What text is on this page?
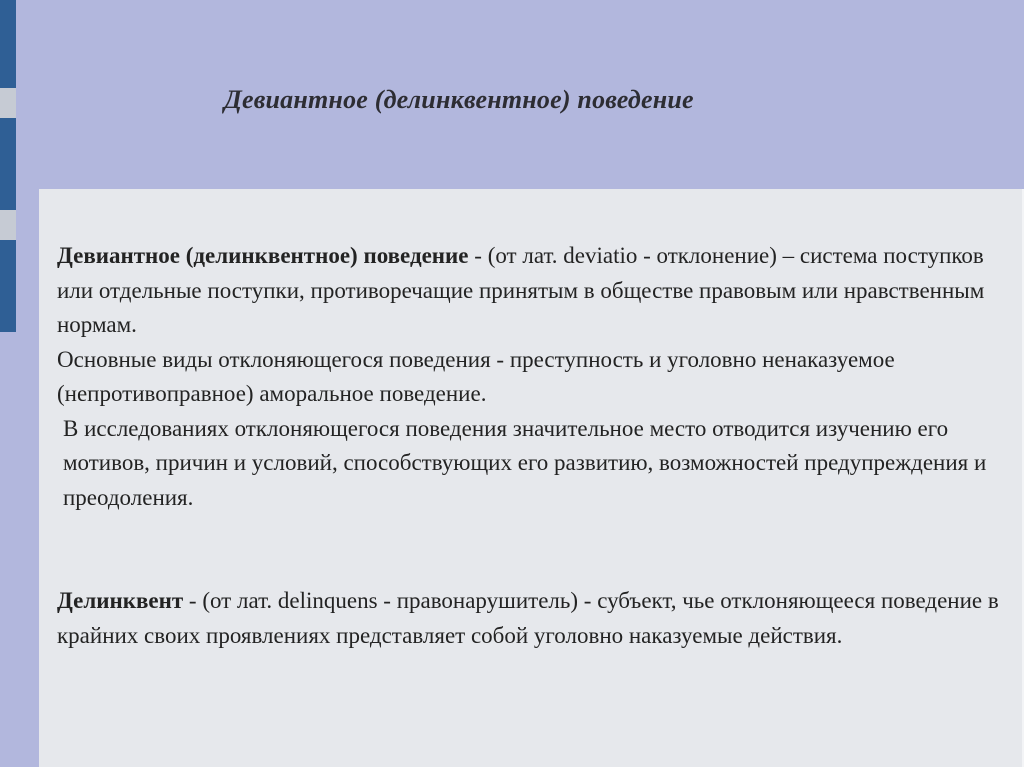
Девиантное (делинквентное) поведение

Девиантное (делинквентное) поведение - (от лат. deviatio - отклонение) – система поступков или отдельные поступки, противоречащие принятым в обществе правовым или нравственным нормам.

Основные виды отклоняющегося поведения - преступность и уголовно ненаказуемое (непротивоправное) аморальное поведение.

В исследованиях отклоняющегося поведения значительное место отводится изучению его мотивов, причин и условий, способствующих его развитию, возможностей предупреждения и преодоления.

Делинквент - (от лат. delinquens - правонарушитель) - субъект, чье отклоняющееся поведение в крайних своих проявлениях представляет собой уголовно наказуемые действия.
